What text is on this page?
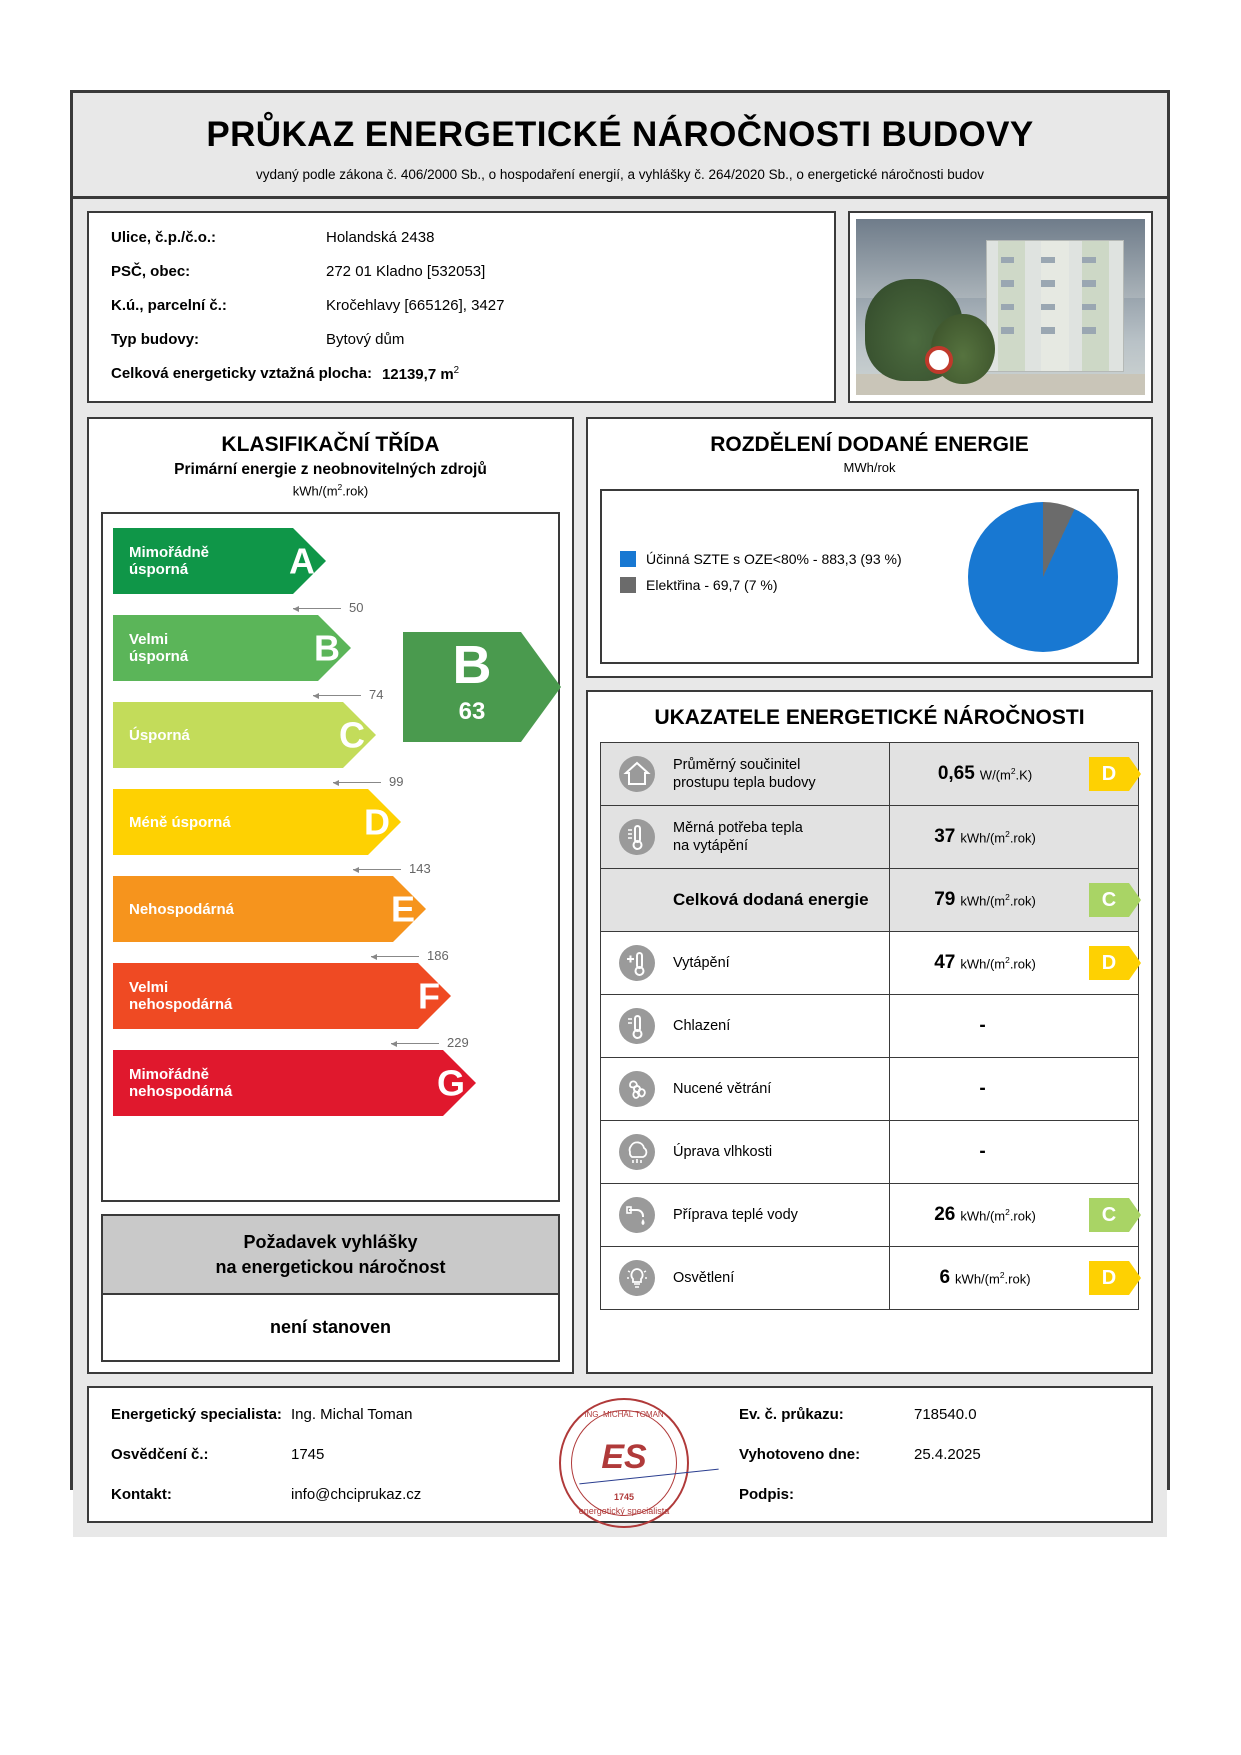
PRŮKAZ ENERGETICKÉ NÁROČNOSTI BUDOVY
vydaný podle zákona č. 406/2000 Sb., o hospodaření energií, a vyhlášky č. 264/2020 Sb., o energetické náročnosti budov
Ulice, č.p./č.o.:	Holandská 2438
PSČ, obec:	272 01 Kladno [532053]
K.ú., parcelní č.:	Kročehlavy [665126], 3427
Typ budovy:	Bytový dům
Celková energeticky vztažná plocha: 12139,7 $m^2$
KLASIFIKAČNÍ TŘÍDA
Primární energie z neobnovitelných zdrojů
kWh/$(m^2.rok)$
Mimořádně
úsporná	A
50
Velmi
úsporná	B
74
Úsporná	C
99
Méně úsporná	D
143
Nehospodárná	E
186
Velmi
nehospodárná	F
229
Mimořádně
nehospodárná	G
B
63
Požadavek vyhlášky
na energetickou náročnost
není stanoven
ROZDĚLENÍ DODANÉ ENERGIE
MWh/rok
Účinná SZTE s OZE<80% - 883,3 (93 %)
Elektřina - 69,7 (7 %)
UKAZATELE ENERGETICKÉ NÁROČNOSTI
Průměrný součinitel
prostupu tepla budovy	0,65 $W/(m^2.K)$	D
Měrná potřeba tepla
na vytápění	37 kWh/$(m^2.rok)$
Celková dodaná energie	79 kWh/$(m^2.rok)$	C
Vytápění	47 kWh/$(m^2.rok)$	D
Chlazení	-
Nucené větrání	-
Úprava vlhkosti	-
Příprava teplé vody	26 kWh/$(m^2.rok)$	C
Osvětlení	6 kWh/$(m^2.rok)$	D
Energetický specialista: Ing. Michal Toman
Osvědčení č.:	1745
Kontakt:	info@chciprukaz.cz
Ev. č. průkazu:	718540.0
Vyhotoveno dne:	25.4.2025
Podpis:
ING. MICHAL TOMAN
ES
1745
energetický specialista
